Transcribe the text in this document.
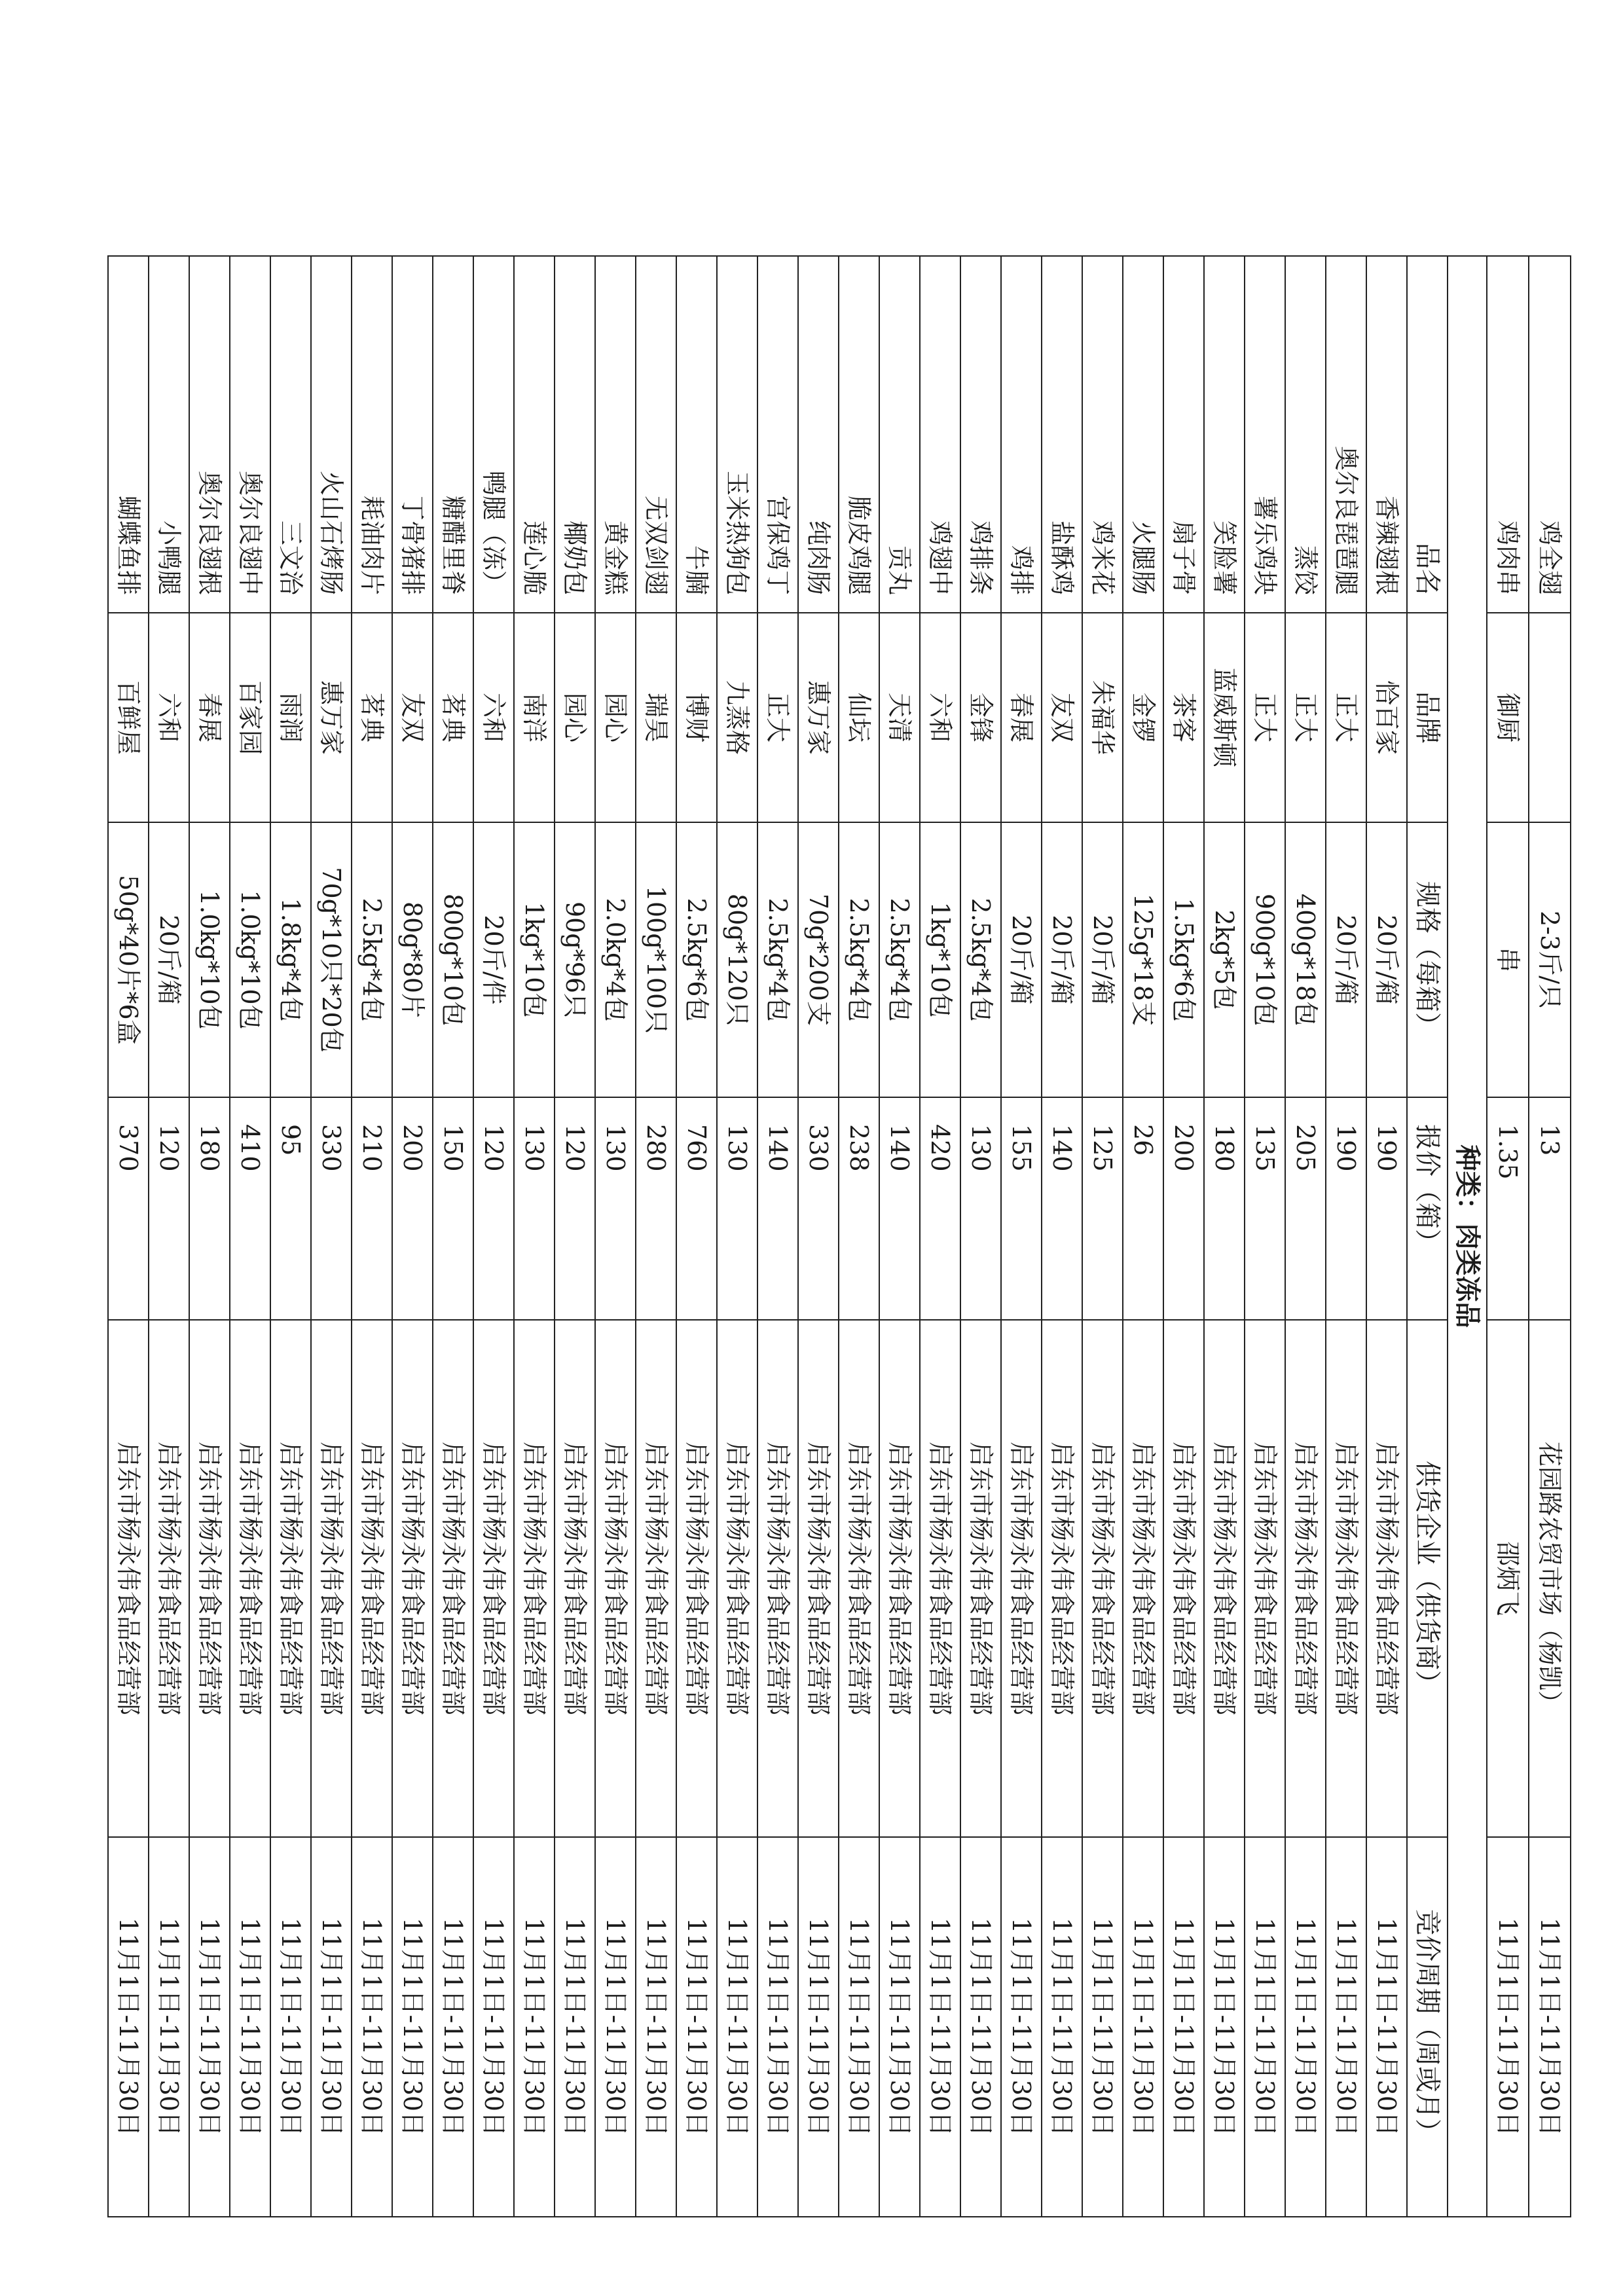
鸡全翅		2-3斤/只	13	花园路农贸市场（杨凯）	11月1日-11月30日
鸡肉串	御厨	串	1.35	邵炳飞	11月1日-11月30日
种类：肉类冻品					
品名	品牌	规格（每箱）	报价（箱）	供货企业（供货商）	竞价周期（周或月）
香辣翅根	恰百家	20斤/箱	190	启东市杨永伟食品经营部	11月1日-11月30日
奥尔良琵琶腿	正大	20斤/箱	190	启东市杨永伟食品经营部	11月1日-11月30日
蒸饺	正大	400g*18包	205	启东市杨永伟食品经营部	11月1日-11月30日
薯乐鸡块	正大	900g*10包	135	启东市杨永伟食品经营部	11月1日-11月30日
笑脸薯	蓝威斯顿	2kg*5包	180	启东市杨永伟食品经营部	11月1日-11月30日
扇子骨	茶客	1.5kg*6包	200	启东市杨永伟食品经营部	11月1日-11月30日
火腿肠	金锣	125g*18支	26	启东市杨永伟食品经营部	11月1日-11月30日
鸡米花	朱福华	20斤/箱	125	启东市杨永伟食品经营部	11月1日-11月30日
盐酥鸡	友双	20斤/箱	140	启东市杨永伟食品经营部	11月1日-11月30日
鸡排	春展	20斤/箱	155	启东市杨永伟食品经营部	11月1日-11月30日
鸡排条	金锋	2.5kg*4包	130	启东市杨永伟食品经营部	11月1日-11月30日
鸡翅中	六和	1kg*10包	420	启东市杨永伟食品经营部	11月1日-11月30日
贡丸	天清	2.5kg*4包	140	启东市杨永伟食品经营部	11月1日-11月30日
脆皮鸡腿	仙坛	2.5kg*4包	238	启东市杨永伟食品经营部	11月1日-11月30日
纯肉肠	惠万家	70g*200支	330	启东市杨永伟食品经营部	11月1日-11月30日
宫保鸡丁	正大	2.5kg*4包	140	启东市杨永伟食品经营部	11月1日-11月30日
玉米热狗包	九蒸格	80g*120只	130	启东市杨永伟食品经营部	11月1日-11月30日
牛腩	博财	2.5kg*6包	760	启东市杨永伟食品经营部	11月1日-11月30日
无双剑翅	瑞昊	100g*100只	280	启东市杨永伟食品经营部	11月1日-11月30日
黄金糕	园心	2.0kg*4包	130	启东市杨永伟食品经营部	11月1日-11月30日
椰奶包	园心	90g*96只	120	启东市杨永伟食品经营部	11月1日-11月30日
莲心脆	南洋	1kg*10包	130	启东市杨永伟食品经营部	11月1日-11月30日
鸭腿（冻）	六和	20斤/件	120	启东市杨永伟食品经营部	11月1日-11月30日
糖醋里脊	茗典	800g*10包	150	启东市杨永伟食品经营部	11月1日-11月30日
丁骨猪排	友双	80g*80片	200	启东市杨永伟食品经营部	11月1日-11月30日
耗油肉片	茗典	2.5kg*4包	210	启东市杨永伟食品经营部	11月1日-11月30日
火山石烤肠	惠万家	70g*10只*20包	330	启东市杨永伟食品经营部	11月1日-11月30日
三文治	雨润	1.8kg*4包	95	启东市杨永伟食品经营部	11月1日-11月30日
奥尔良翅中	百家园	1.0kg*10包	410	启东市杨永伟食品经营部	11月1日-11月30日
奥尔良翅根	春展	1.0kg*10包	180	启东市杨永伟食品经营部	11月1日-11月30日
小鸭腿	六和	20斤/箱	120	启东市杨永伟食品经营部	11月1日-11月30日
蝴蝶鱼排	百鲜屋	50g*40片*6盒	370	启东市杨永伟食品经营部	11月1日-11月30日
